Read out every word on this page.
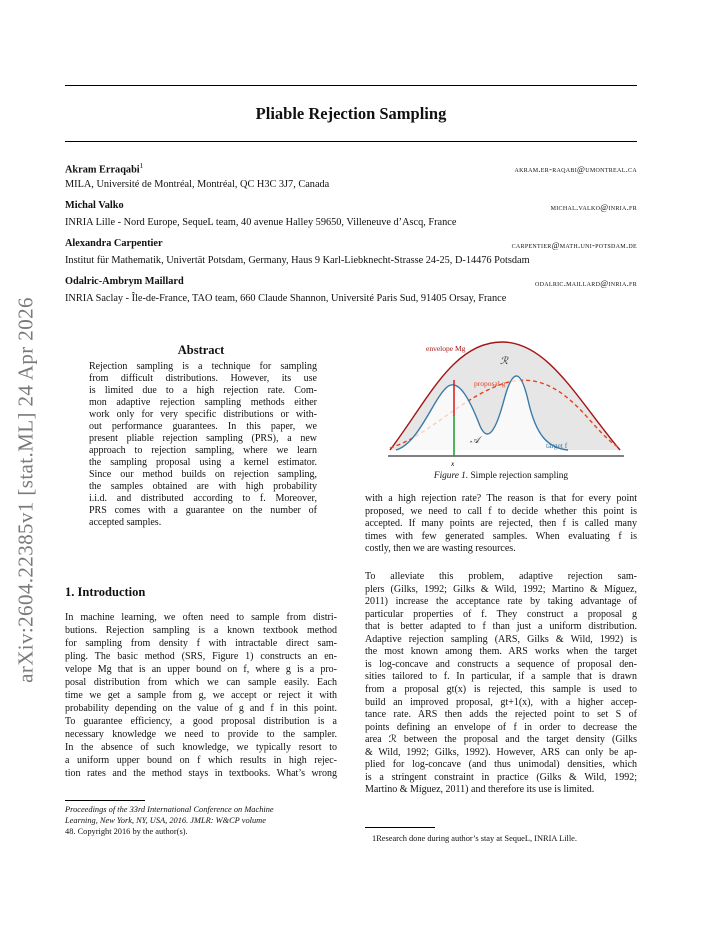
arXiv:2604.22385v1 [stat.ML] 24 Apr 2026
Pliable Rejection Sampling
Akram Erraqabi$^1$	akram.er-raqabi@umontreal.ca
MILA, Université de Montréal, Montréal, QC H3C 3J7, Canada
Michal Valko	michal.valko@inria.fr
INRIA Lille - Nord Europe, SequeL team, 40 avenue Halley 59650, Villeneuve d’Ascq, France
Alexandra Carpentier	carpentier@math.uni-potsdam.de
Institut für Mathematik, Univertät Potsdam, Germany, Haus 9 Karl-Liebknecht-Strasse 24-25, D-14476 Potsdam
Odalric-Ambrym Maillard	odalric.maillard@inria.fr
INRIA Saclay - Île-de-France, TAO team, 660 Claude Shannon, Université Paris Sud, 91405 Orsay, France
Abstract
Rejection sampling is a technique for sampling
from difficult distributions. However, its use
is limited due to a high rejection rate. Com-
mon adaptive rejection sampling methods either
work only for very specific distributions or with-
out performance guarantees. In this paper, we
present pliable rejection sampling (PRS), a new
approach to rejection sampling, where we learn
the sampling proposal using a kernel estimator.
Since our method builds on rejection sampling,
the samples obtained are with high probability
i.i.d. and distributed according to f. Moreover,
PRS comes with a guarantee on the number of
accepted samples.
1. Introduction
In machine learning, we often need to sample from distri-
butions. Rejection sampling is a known textbook method
for sampling from density f with intractable direct sam-
pling. The basic method (SRS, Figure 1) constructs an en-
velope Mg that is an upper bound on f, where g is a pro-
posal distribution from which we can sample easily. Each
time we get a sample from g, we accept or reject it with
probability depending on the value of g and f in this point.
To guarantee efficiency, a good proposal distribution is a
necessary knowledge we need to provide to the sampler.
In the absence of such knowledge, we typically resort to
a uniform upper bound on f which results in high rejec-
tion rates and the method stays in textbooks. What’s wrong
Proceedings of the 33rd International Conference on Machine
Learning, New York, NY, USA, 2016. JMLR: W&CP volume
48. Copyright 2016 by the author(s).
envelope Mg
ℛ
proposal g
𝒜	target f
x
Figure 1. Simple rejection sampling
with a high rejection rate? The reason is that for every point
proposed, we need to call f to decide whether this point is
accepted. If many points are rejected, then f is called many
times with few generated samples. When evaluating f is
costly, then we are wasting resources.
To alleviate this problem, adaptive rejection sam-
plers (Gilks, 1992; Gilks & Wild, 1992; Martino & Míguez,
2011) increase the acceptance rate by taking advantage of
particular properties of f. They construct a proposal g
that is better adapted to f than just a uniform distribution.
Adaptive rejection sampling (ARS, Gilks & Wild, 1992) is
the most known among them. ARS works when the target
is log-concave and constructs a sequence of proposal den-
sities tailored to f. In particular, if a sample that is drawn
from a proposal gt(x) is rejected, this sample is used to
build an improved proposal, gt+1(x), with a higher accep-
tance rate. ARS then adds the rejected point to set S of
points defining an envelope of f in order to decrease the
area ℛ between the proposal and the target density (Gilks
& Wild, 1992; Gilks, 1992). However, ARS can only be ap-
plied for log-concave (and thus unimodal) densities, which
is a stringent constraint in practice (Gilks & Wild, 1992;
Martino & Míguez, 2011) and therefore its use is limited.
1Research done during author’s stay at SequeL, INRIA Lille.
